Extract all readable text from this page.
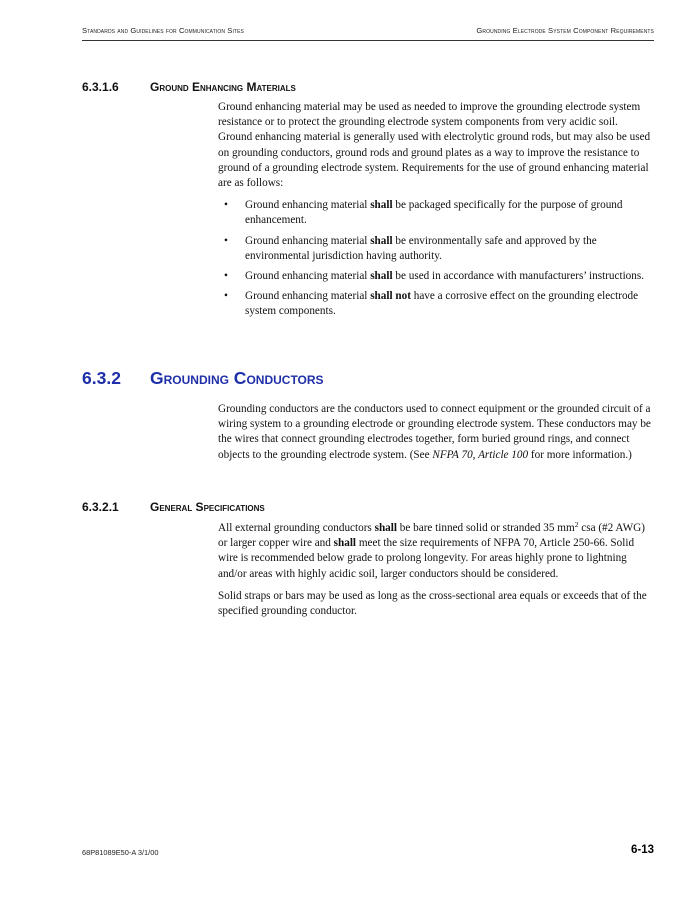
Standards and Guidelines for Communication Sites	Grounding Electrode System Component Requirements
6.3.1.6	Ground Enhancing Materials

Ground enhancing material may be used as needed to improve the grounding electrode system resistance or to protect the grounding electrode system components from very acidic soil. Ground enhancing material is generally used with electrolytic ground rods, but may also be used on grounding conductors, ground rods and ground plates as a way to improve the resistance to ground of a grounding electrode system. Requirements for the use of ground enhancing material are as follows:

• Ground enhancing material shall be packaged specifically for the purpose of ground enhancement.
• Ground enhancing material shall be environmentally safe and approved by the environmental jurisdiction having authority.
• Ground enhancing material shall be used in accordance with manufacturers’ instructions.
• Ground enhancing material shall not have a corrosive effect on the grounding electrode system components.
6.3.2 Grounding Conductors

Grounding conductors are the conductors used to connect equipment or the grounded circuit of a wiring system to a grounding electrode or grounding electrode system. These conductors may be the wires that connect grounding electrodes together, form buried ground rings, and connect objects to the grounding electrode system. (See NFPA 70, Article 100 for more information.)

6.3.2.1	General Specifications

All external grounding conductors shall be bare tinned solid or stranded 35 $mm^2$ csa (#2 AWG) or larger copper wire and shall meet the size requirements of NFPA 70, Article 250-66. Solid wire is recommended below grade to prolong longevity. For areas highly prone to lightning and/or areas with highly acidic soil, larger conductors should be considered.

Solid straps or bars may be used as long as the cross-sectional area equals or exceeds that of the specified grounding conductor.

68P81089E50-A 3/1/00	6-13
